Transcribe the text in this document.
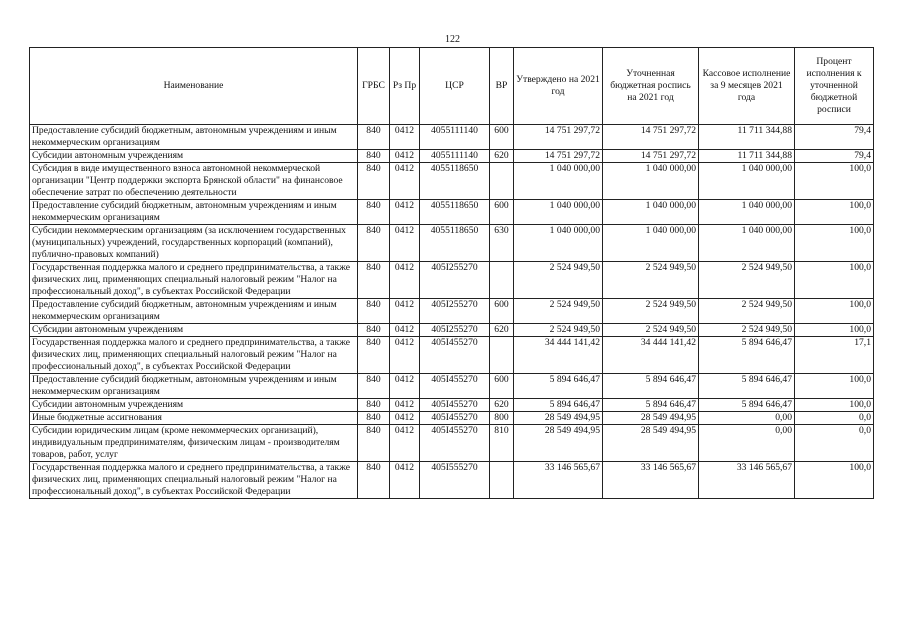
122
Наименование	ГРБС	Рз Пр	ЦСР	ВР	Утверждено на 2021 год	Уточненная бюджетная роспись на 2021 год	Кассовое исполнение за 9 месяцев 2021 года	Процент исполнения к уточненной бюджетной росписи
Предоставление субсидий бюджетным, автономным учреждениям и иным некоммерческим организациям	840	0412	4055111140	600	14 751 297,72	14 751 297,72	11 711 344,88	79,4
Субсидии автономным учреждениям	840	0412	4055111140	620	14 751 297,72	14 751 297,72	11 711 344,88	79,4
Субсидия в виде имущественного взноса автономной некоммерческой организации "Центр поддержки экспорта Брянской области" на финансовое обеспечение затрат по обеспечению деятельности	840	0412	4055118650		1 040 000,00	1 040 000,00	1 040 000,00	100,0
Предоставление субсидий бюджетным, автономным учреждениям и иным некоммерческим организациям	840	0412	4055118650	600	1 040 000,00	1 040 000,00	1 040 000,00	100,0
Субсидии некоммерческим организациям (за исключением государственных (муниципальных) учреждений, государственных корпораций (компаний), публично-правовых компаний)	840	0412	4055118650	630	1 040 000,00	1 040 000,00	1 040 000,00	100,0
Государственная поддержка малого и среднего предпринимательства, а также физических лиц, применяющих специальный налоговый режим "Налог на профессиональный доход", в субъектах Российской Федерации	840	0412	405I255270		2 524 949,50	2 524 949,50	2 524 949,50	100,0
Предоставление субсидий бюджетным, автономным учреждениям и иным некоммерческим организациям	840	0412	405I255270	600	2 524 949,50	2 524 949,50	2 524 949,50	100,0
Субсидии автономным учреждениям	840	0412	405I255270	620	2 524 949,50	2 524 949,50	2 524 949,50	100,0
Государственная поддержка малого и среднего предпринимательства, а также физических лиц, применяющих специальный налоговый режим "Налог на профессиональный доход", в субъектах Российской Федерации	840	0412	405I455270		34 444 141,42	34 444 141,42	5 894 646,47	17,1
Предоставление субсидий бюджетным, автономным учреждениям и иным некоммерческим организациям	840	0412	405I455270	600	5 894 646,47	5 894 646,47	5 894 646,47	100,0
Субсидии автономным учреждениям	840	0412	405I455270	620	5 894 646,47	5 894 646,47	5 894 646,47	100,0
Иные бюджетные ассигнования	840	0412	405I455270	800	28 549 494,95	28 549 494,95	0,00	0,0
Субсидии юридическим лицам (кроме некоммерческих организаций), индивидуальным предпринимателям, физическим лицам - производителям товаров, работ, услуг	840	0412	405I455270	810	28 549 494,95	28 549 494,95	0,00	0,0
Государственная поддержка малого и среднего предпринимательства, а также физических лиц, применяющих специальный налоговый режим "Налог на профессиональный доход", в субъектах Российской Федерации	840	0412	405I555270		33 146 565,67	33 146 565,67	33 146 565,67	100,0
